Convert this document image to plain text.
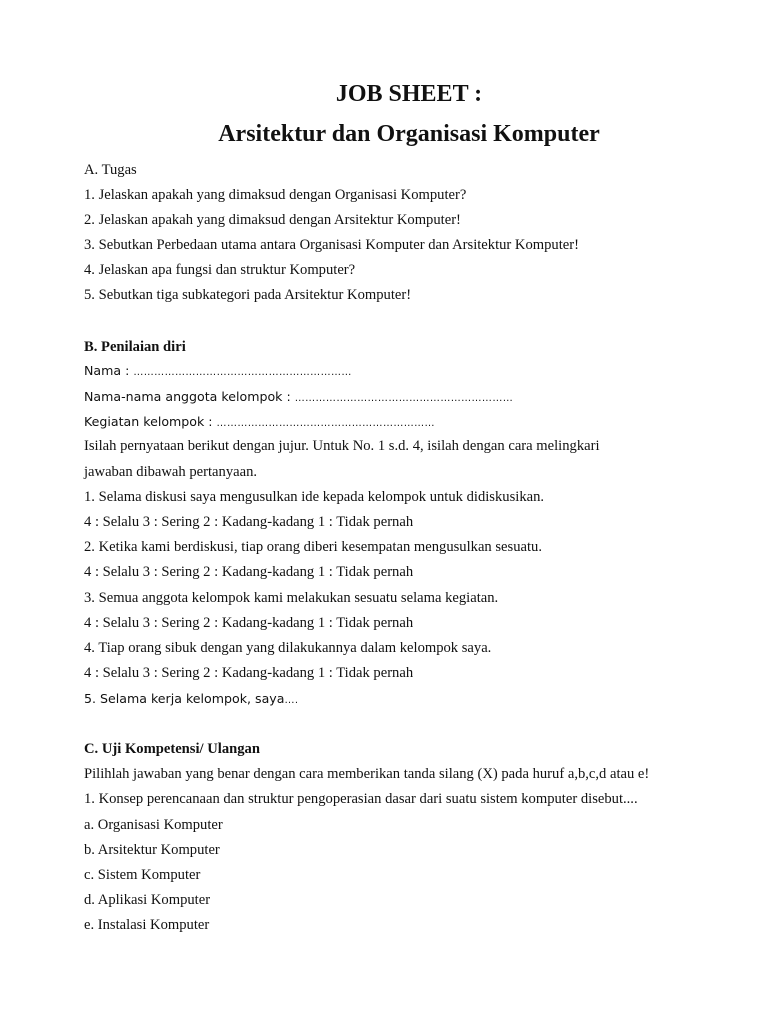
JOB SHEET :
Arsitektur dan Organisasi Komputer
A. Tugas
1. Jelaskan apakah yang dimaksud dengan Organisasi Komputer?
2. Jelaskan apakah yang dimaksud dengan Arsitektur Komputer!
3. Sebutkan Perbedaan utama antara Organisasi Komputer dan Arsitektur Komputer!
4. Jelaskan apa fungsi dan struktur Komputer?
5. Sebutkan tiga subkategori pada Arsitektur Komputer!
B. Penilaian diri
Nama : ………………………………………………………
Nama-nama anggota kelompok : ………………………………………………………
Kegiatan kelompok : ………………………………………………………
Isilah pernyataan berikut dengan jujur. Untuk No. 1 s.d. 4, isilah dengan cara melingkari
jawaban dibawah pertanyaan.
1. Selama diskusi saya mengusulkan ide kepada kelompok untuk didiskusikan.
4 : Selalu 3 : Sering 2 : Kadang-kadang 1 : Tidak pernah
2. Ketika kami berdiskusi, tiap orang diberi kesempatan mengusulkan sesuatu.
4 : Selalu 3 : Sering 2 : Kadang-kadang 1 : Tidak pernah
3. Semua anggota kelompok kami melakukan sesuatu selama kegiatan.
4 : Selalu 3 : Sering 2 : Kadang-kadang 1 : Tidak pernah
4. Tiap orang sibuk dengan yang dilakukannya dalam kelompok saya.
4 : Selalu 3 : Sering 2 : Kadang-kadang 1 : Tidak pernah
5. Selama kerja kelompok, saya….
C. Uji Kompetensi/ Ulangan
Pilihlah jawaban yang benar dengan cara memberikan tanda silang (X) pada huruf a,b,c,d atau e!
1. Konsep perencanaan dan struktur pengoperasian dasar dari suatu sistem komputer disebut....
a. Organisasi Komputer
b. Arsitektur Komputer
c. Sistem Komputer
d. Aplikasi Komputer
e. Instalasi Komputer
